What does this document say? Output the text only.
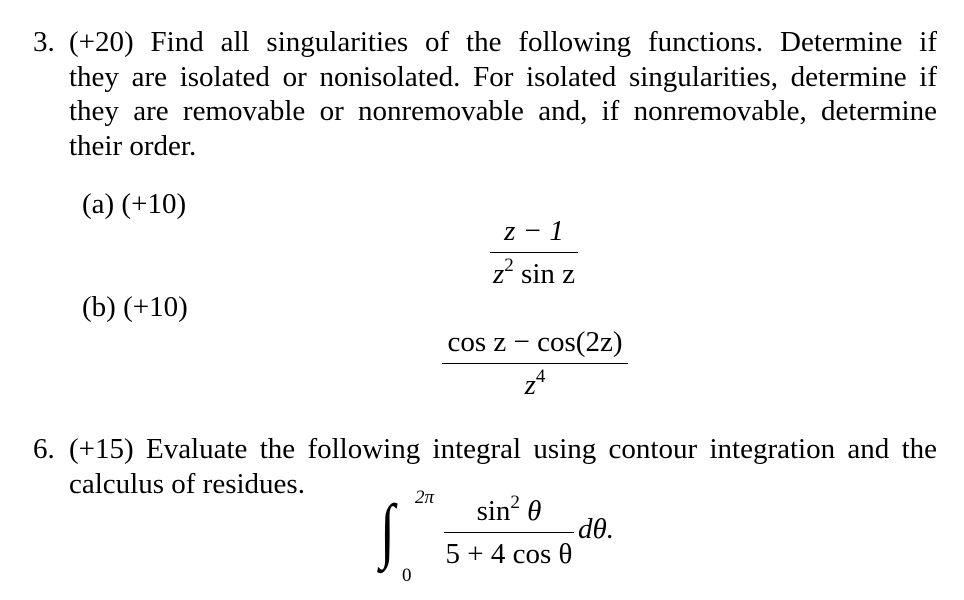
3. (+20) Find all singularities of the following functions. Determine if
they are isolated or nonisolated. For isolated singularities, determine if
they are removable or nonremovable and, if nonremovable, determine
their order.
(a) (+10)
z − 1
$z^2$ sin z
(b) (+10)
cos z − cos(2z)
$z^4$
6. (+15) Evaluate the following integral using contour integration and the
calculus of residues.
∫ 2π
0
$\sin^2 \theta$
5 + 4 cos θ
dθ.
